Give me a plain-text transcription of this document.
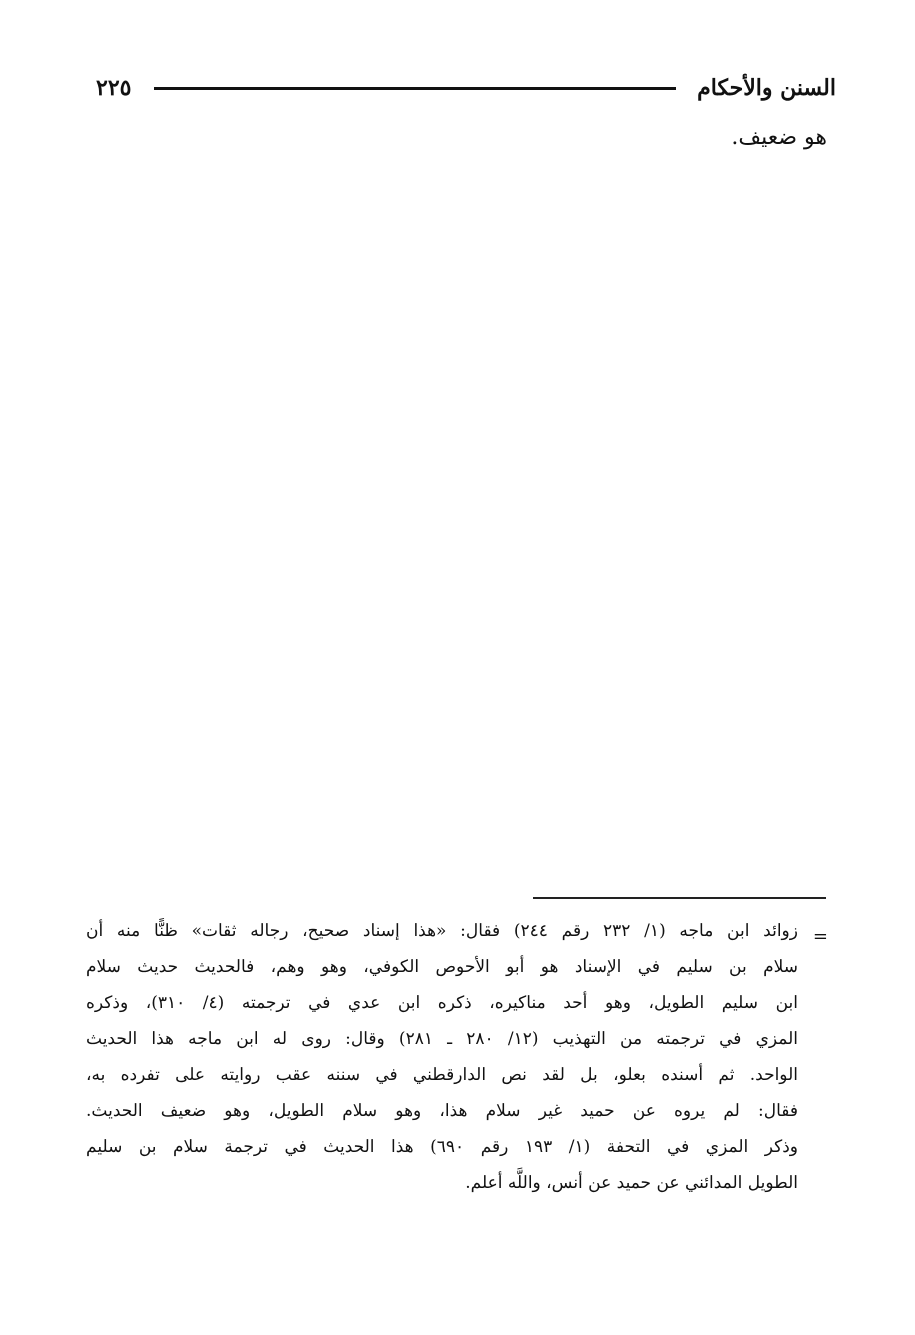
السنن والأحكام
٢٢٥
هو ضعيف.
=
زوائد ابن ماجه (١/ ٢٣٢ رقم ٢٤٤) فقال: «هذا إسناد صحيح، رجاله ثقات» ظنًّا منه أن
سلام بن سليم في الإسناد هو أبو الأحوص الكوفي، وهو وهم، فالحديث حديث سلام
ابن سليم الطويل، وهو أحد مناكيره، ذكره ابن عدي في ترجمته (٤/ ٣١٠)، وذكره
المزي في ترجمته من التهذيب (١٢/ ٢٨٠ ـ ٢٨١) وقال: روى له ابن ماجه هذا الحديث
الواحد. ثم أسنده بعلو، بل لقد نص الدارقطني في سننه عقب روايته على تفرده به،
فقال: لم يروه عن حميد غير سلام هذا، وهو سلام الطويل، وهو ضعيف الحديث.
وذكر المزي في التحفة (١/ ١٩٣ رقم ٦٩٠) هذا الحديث في ترجمة سلام بن سليم
الطويل المدائني عن حميد عن أنس، واللَّه أعلم.
